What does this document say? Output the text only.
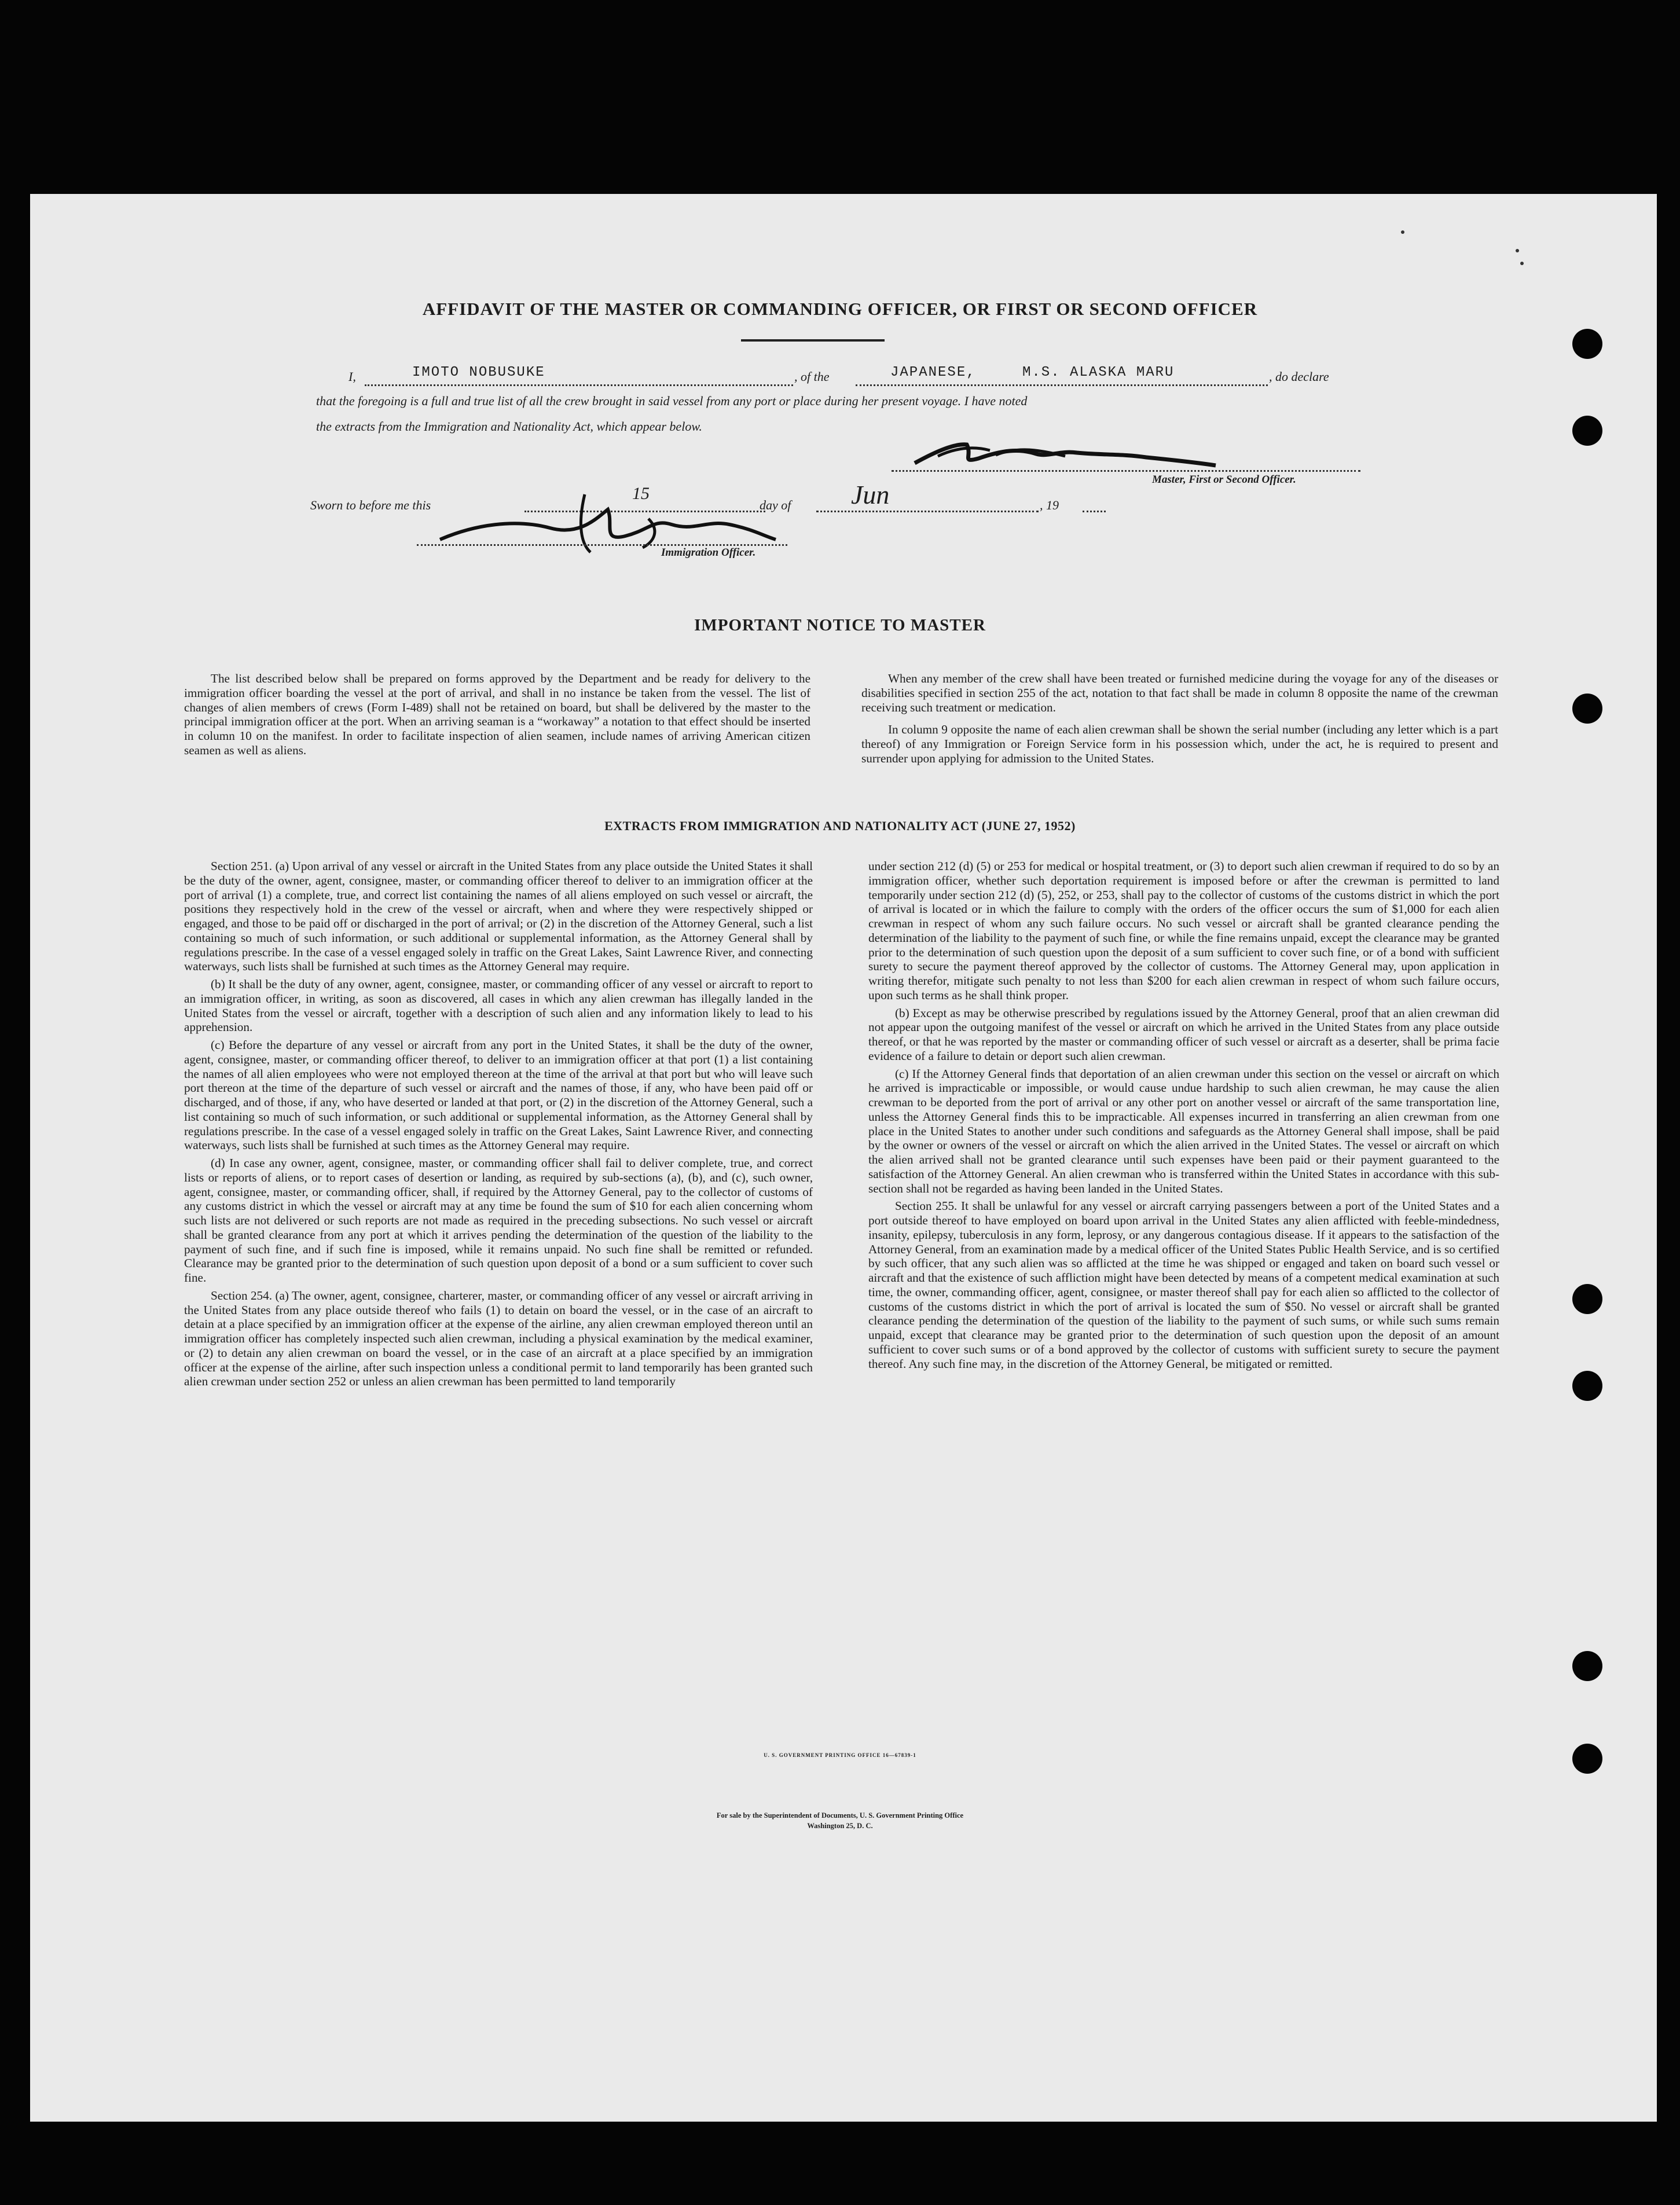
AFFIDAVIT OF THE MASTER OR COMMANDING OFFICER, OR FIRST OR SECOND OFFICER
I,	IMOTO NOBUSUKE	, of the	JAPANESE,	M.S. ALASKA MARU	, do declare
that the foregoing is a full and true list of all the crew brought in said vessel from any port or place during her present voyage. I have noted
the extracts from the Immigration and Nationality Act, which appear below.
Master, First or Second Officer.
Sworn to before me this
15
day of Jun	, 19
Immigration Officer.
IMPORTANT NOTICE TO MASTER

The list described below shall be prepared on forms approved by the Department and be ready for delivery to the immigration officer boarding the vessel at the port of arrival, and shall in no instance be taken from the vessel. The list of changes of alien members of crews (Form I-489) shall not be retained on board, but shall be delivered by the master to the principal immigration officer at the port. When an arriving seaman is a “workaway” a notation to that effect should be inserted in column 10 on the manifest. In order to facilitate inspection of alien seamen, include names of arriving American citizen seamen as well as aliens.

When any member of the crew shall have been treated or furnished medicine during the voyage for any of the diseases or disabilities specified in section 255 of the act, notation to that fact shall be made in column 8 opposite the name of the crewman receiving such treatment or medication.

In column 9 opposite the name of each alien crewman shall be shown the serial number (including any letter which is a part thereof) of any Immigration or Foreign Service form in his possession which, under the act, he is required to present and surrender upon applying for admission to the United States.

EXTRACTS FROM IMMIGRATION AND NATIONALITY ACT (JUNE 27, 1952)

Section 251. (a) Upon arrival of any vessel or aircraft in the United States from any place outside the United States it shall be the duty of the owner, agent, consignee, master, or commanding officer thereof to deliver to an immigration officer at the port of arrival (1) a complete, true, and correct list containing the names of all aliens employed on such vessel or aircraft, the positions they respectively hold in the crew of the vessel or aircraft, when and where they were respectively shipped or engaged, and those to be paid off or discharged in the port of arrival; or (2) in the discretion of the Attorney General, such a list containing so much of such information, or such additional or supplemental information, as the Attorney General shall by regulations prescribe. In the case of a vessel engaged solely in traffic on the Great Lakes, Saint Lawrence River, and connecting waterways, such lists shall be furnished at such times as the Attorney General may require.

(b) It shall be the duty of any owner, agent, consignee, master, or commanding officer of any vessel or aircraft to report to an immigration officer, in writing, as soon as discovered, all cases in which any alien crewman has illegally landed in the United States from the vessel or aircraft, together with a description of such alien and any information likely to lead to his apprehension.

(c) Before the departure of any vessel or aircraft from any port in the United States, it shall be the duty of the owner, agent, consignee, master, or commanding officer thereof, to deliver to an immigration officer at that port (1) a list containing the names of all alien employees who were not employed thereon at the time of the arrival at that port but who will leave such port thereon at the time of the departure of such vessel or aircraft and the names of those, if any, who have been paid off or discharged, and of those, if any, who have deserted or landed at that port, or (2) in the discretion of the Attorney General, such a list containing so much of such information, or such additional or supplemental information, as the Attorney General shall by regulations prescribe. In the case of a vessel engaged solely in traffic on the Great Lakes, Saint Lawrence River, and connecting waterways, such lists shall be furnished at such times as the Attorney General may require.

(d) In case any owner, agent, consignee, master, or commanding officer shall fail to deliver complete, true, and correct lists or reports of aliens, or to report cases of desertion or landing, as required by sub-sections (a), (b), and (c), such owner, agent, consignee, master, or commanding officer, shall, if required by the Attorney General, pay to the collector of customs of any customs district in which the vessel or aircraft may at any time be found the sum of $10 for each alien concerning whom such lists are not delivered or such reports are not made as required in the preceding subsections. No such vessel or aircraft shall be granted clearance from any port at which it arrives pending the determination of the question of the liability to the payment of such fine, and if such fine is imposed, while it remains unpaid. No such fine shall be remitted or refunded. Clearance may be granted prior to the determination of such question upon deposit of a bond or a sum sufficient to cover such fine.

Section 254. (a) The owner, agent, consignee, charterer, master, or commanding officer of any vessel or aircraft arriving in the United States from any place outside thereof who fails (1) to detain on board the vessel, or in the case of an aircraft to detain at a place specified by an immigration officer at the expense of the airline, any alien crewman employed thereon until an immigration officer has completely inspected such alien crewman, including a physical examination by the medical examiner, or (2) to detain any alien crewman on board the vessel, or in the case of an aircraft at a place specified by an immigration officer at the expense of the airline, after such inspection unless a conditional permit to land temporarily has been granted such alien crewman under section 252 or unless an alien crewman has been permitted to land temporarily

under section 212 (d) (5) or 253 for medical or hospital treatment, or (3) to deport such alien crewman if required to do so by an immigration officer, whether such deportation requirement is imposed before or after the crewman is permitted to land temporarily under section 212 (d) (5), 252, or 253, shall pay to the collector of customs of the customs district in which the port of arrival is located or in which the failure to comply with the orders of the officer occurs the sum of $1,000 for each alien crewman in respect of whom any such failure occurs. No such vessel or aircraft shall be granted clearance pending the determination of the liability to the payment of such fine, or while the fine remains unpaid, except the clearance may be granted prior to the determination of such question upon the deposit of a sum sufficient to cover such fine, or of a bond with sufficient surety to secure the payment thereof approved by the collector of customs. The Attorney General may, upon application in writing therefor, mitigate such penalty to not less than $200 for each alien crewman in respect of whom such failure occurs, upon such terms as he shall think proper.

(b) Except as may be otherwise prescribed by regulations issued by the Attorney General, proof that an alien crewman did not appear upon the outgoing manifest of the vessel or aircraft on which he arrived in the United States from any place outside thereof, or that he was reported by the master or commanding officer of such vessel or aircraft as a deserter, shall be prima facie evidence of a failure to detain or deport such alien crewman.

(c) If the Attorney General finds that deportation of an alien crewman under this section on the vessel or aircraft on which he arrived is impracticable or impossible, or would cause undue hardship to such alien crewman, he may cause the alien crewman to be deported from the port of arrival or any other port on another vessel or aircraft of the same transportation line, unless the Attorney General finds this to be impracticable. All expenses incurred in transferring an alien crewman from one place in the United States to another under such conditions and safeguards as the Attorney General shall impose, shall be paid by the owner or owners of the vessel or aircraft on which the alien arrived in the United States. The vessel or aircraft on which the alien arrived shall not be granted clearance until such expenses have been paid or their payment guaranteed to the satisfaction of the Attorney General. An alien crewman who is transferred within the United States in accordance with this sub-section shall not be regarded as having been landed in the United States.

Section 255. It shall be unlawful for any vessel or aircraft carrying passengers between a port of the United States and a port outside thereof to have employed on board upon arrival in the United States any alien afflicted with feeble-mindedness, insanity, epilepsy, tuberculosis in any form, leprosy, or any dangerous contagious disease. If it appears to the satisfaction of the Attorney General, from an examination made by a medical officer of the United States Public Health Service, and is so certified by such officer, that any such alien was so afflicted at the time he was shipped or engaged and taken on board such vessel or aircraft and that the existence of such affliction might have been detected by means of a competent medical examination at such time, the owner, commanding officer, agent, consignee, or master thereof shall pay for each alien so afflicted to the collector of customs of the customs district in which the port of arrival is located the sum of $50. No vessel or aircraft shall be granted clearance pending the determination of the question of the liability to the payment of such sums, or while such sums remain unpaid, except that clearance may be granted prior to the determination of such question upon the deposit of an amount sufficient to cover such sums or of a bond approved by the collector of customs with sufficient surety to secure the payment thereof. Any such fine may, in the discretion of the Attorney General, be mitigated or remitted.

U. S. GOVERNMENT PRINTING OFFICE 16—67839-1
For sale by the Superintendent of Documents, U. S. Government Printing Office
Washington 25, D. C.
